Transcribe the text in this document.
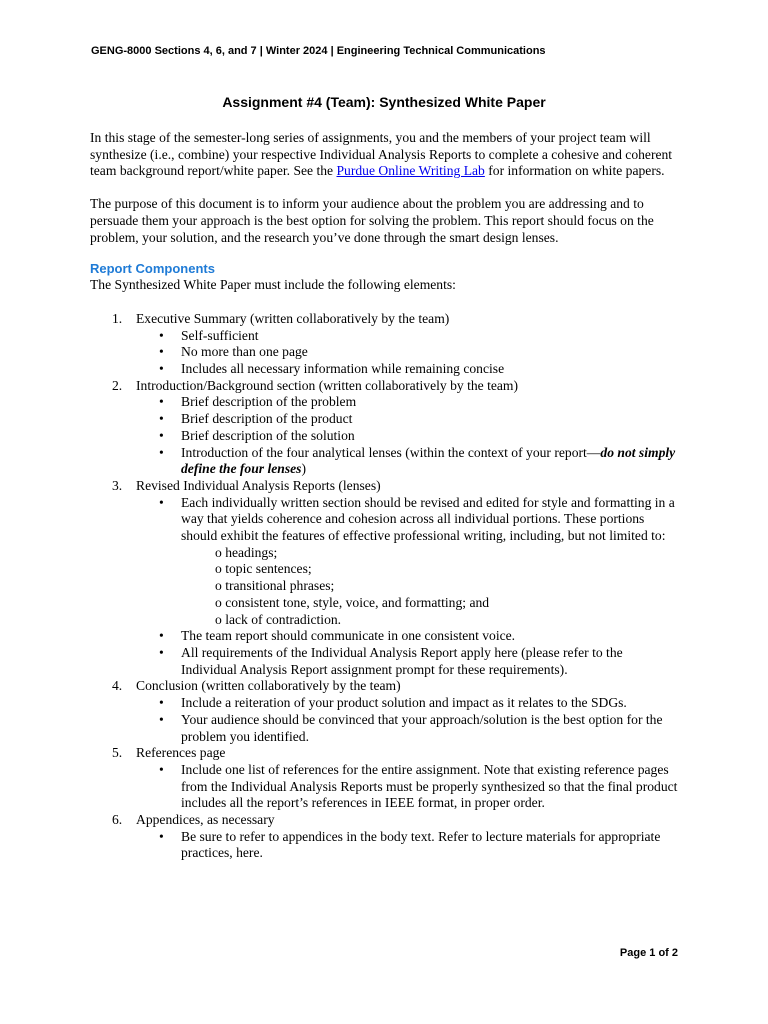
GENG-8000 Sections 4, 6, and 7 | Winter 2024 | Engineering Technical Communications
Assignment #4 (Team): Synthesized White Paper

In this stage of the semester-long series of assignments, you and the members of your project team will synthesize (i.e., combine) your respective Individual Analysis Reports to complete a cohesive and coherent team background report/white paper. See the Purdue Online Writing Lab for information on white papers.

The purpose of this document is to inform your audience about the problem you are addressing and to persuade them your approach is the best option for solving the problem. This report should focus on the problem, your solution, and the research you’ve done through the smart design lenses.

Report Components

The Synthesized White Paper must include the following elements:

1. Executive Summary (written collaboratively by the team)
• Self-sufficient
• No more than one page
• Includes all necessary information while remaining concise
2. Introduction/Background section (written collaboratively by the team)
• Brief description of the problem
• Brief description of the product
• Brief description of the solution
• Introduction of the four analytical lenses (within the context of your report—do not simply define the four lenses)
3. Revised Individual Analysis Reports (lenses)
• Each individually written section should be revised and edited for style and formatting in a way that yields coherence and cohesion across all individual portions. These portions should exhibit the features of effective professional writing, including, but not limited to:
o headings;
o topic sentences;
o transitional phrases;
o consistent tone, style, voice, and formatting; and
o lack of contradiction.
• The team report should communicate in one consistent voice.
• All requirements of the Individual Analysis Report apply here (please refer to the Individual Analysis Report assignment prompt for these requirements).
4. Conclusion (written collaboratively by the team)
• Include a reiteration of your product solution and impact as it relates to the SDGs.
• Your audience should be convinced that your approach/solution is the best option for the problem you identified.
5. References page
• Include one list of references for the entire assignment. Note that existing reference pages from the Individual Analysis Reports must be properly synthesized so that the final product includes all the report’s references in IEEE format, in proper order.
6. Appendices, as necessary
• Be sure to refer to appendices in the body text. Refer to lecture materials for appropriate practices, here.
Page 1 of 2
